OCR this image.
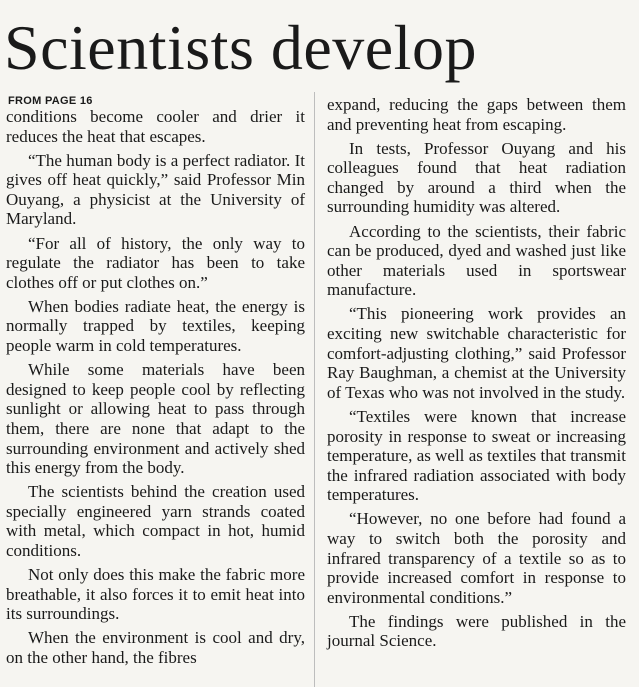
Scientists develop
FROM PAGE 16

conditions become cooler and drier it reduces the heat that escapes.

“The human body is a perfect radiator. It gives off heat quickly,” said Professor Min Ouyang, a physicist at the University of Maryland.

“For all of history, the only way to regulate the radiator has been to take clothes off or put clothes on.”

When bodies radiate heat, the energy is normally trapped by textiles, keeping people warm in cold temperatures.

While some materials have been designed to keep people cool by reflecting sunlight or allowing heat to pass through them, there are none that adapt to the surrounding environment and actively shed this energy from the body.

The scientists behind the creation used specially engineered yarn strands coated with metal, which compact in hot, humid conditions.

Not only does this make the fabric more breathable, it also forces it to emit heat into its surroundings.

When the environment is cool and dry, on the other hand, the fibres

expand, reducing the gaps between them and preventing heat from escaping.

In tests, Professor Ouyang and his colleagues found that heat radiation changed by around a third when the surrounding humidity was altered.

According to the scientists, their fabric can be produced, dyed and washed just like other materials used in sportswear manufacture.

“This pioneering work provides an exciting new switchable characteristic for comfort-adjusting clothing,” said Professor Ray Baughman, a chemist at the University of Texas who was not involved in the study.

“Textiles were known that increase porosity in response to sweat or increasing temperature, as well as textiles that transmit the infrared radiation associated with body temperatures.

“However, no one before had found a way to switch both the porosity and infrared transparency of a textile so as to provide increased comfort in response to environmental conditions.”

The findings were published in the journal Science.
